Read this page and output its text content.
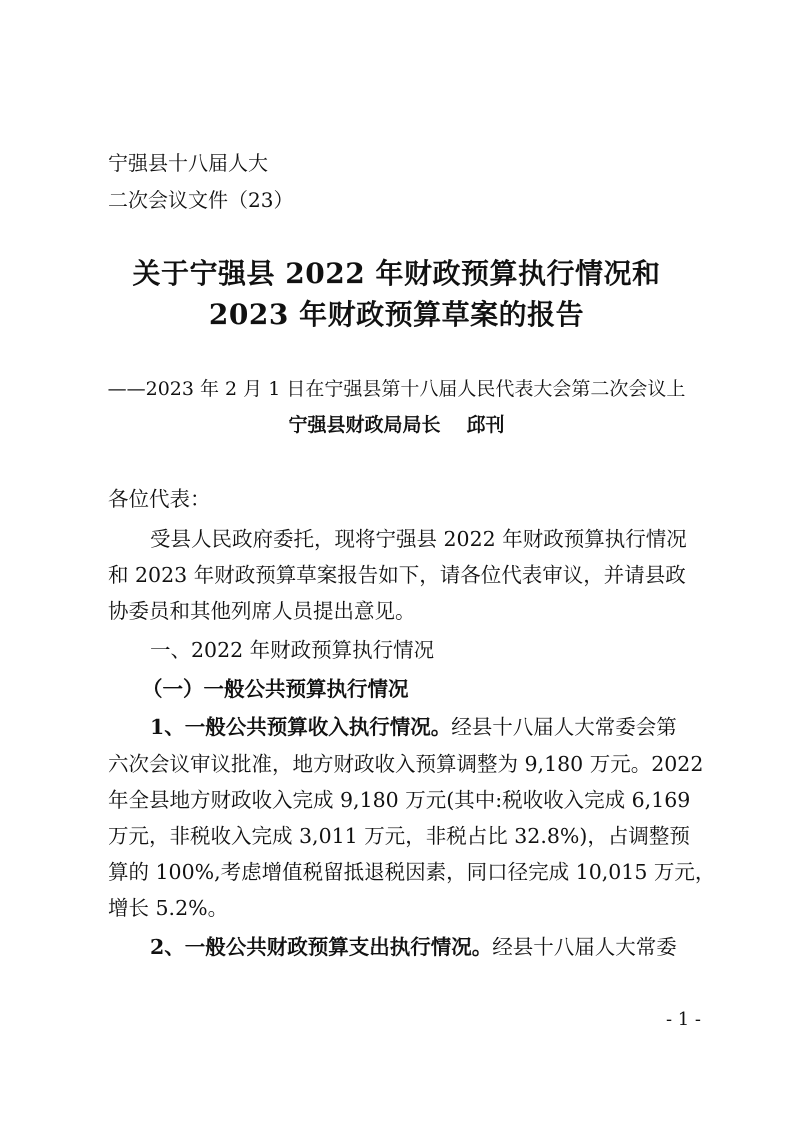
宁强县十八届人大
二次会议文件（23）
关于宁强县 2022 年财政预算执行情况和
2023 年财政预算草案的报告
——2023 年 2 月 1 日在宁强县第十八届人民代表大会第二次会议上
宁强县财政局局长 邱刊
各位代表：
受县人民政府委托，现将宁强县 2022 年财政预算执行情况
和 2023 年财政预算草案报告如下，请各位代表审议，并请县政
协委员和其他列席人员提出意见。
一、2022 年财政预算执行情况
（一）一般公共预算执行情况
1、一般公共预算收入执行情况。经县十八届人大常委会第
六次会议审议批准，地方财政收入预算调整为 9,180 万元。2022
年全县地方财政收入完成 9,180 万元(其中:税收收入完成 6,169
万元，非税收入完成 3,011 万元，非税占比 32.8%)，占调整预
算的 100%,考虑增值税留抵退税因素，同口径完成 10,015 万元，
增长 5.2%。
2、一般公共财政预算支出执行情况。经县十八届人大常委
- 1 -
